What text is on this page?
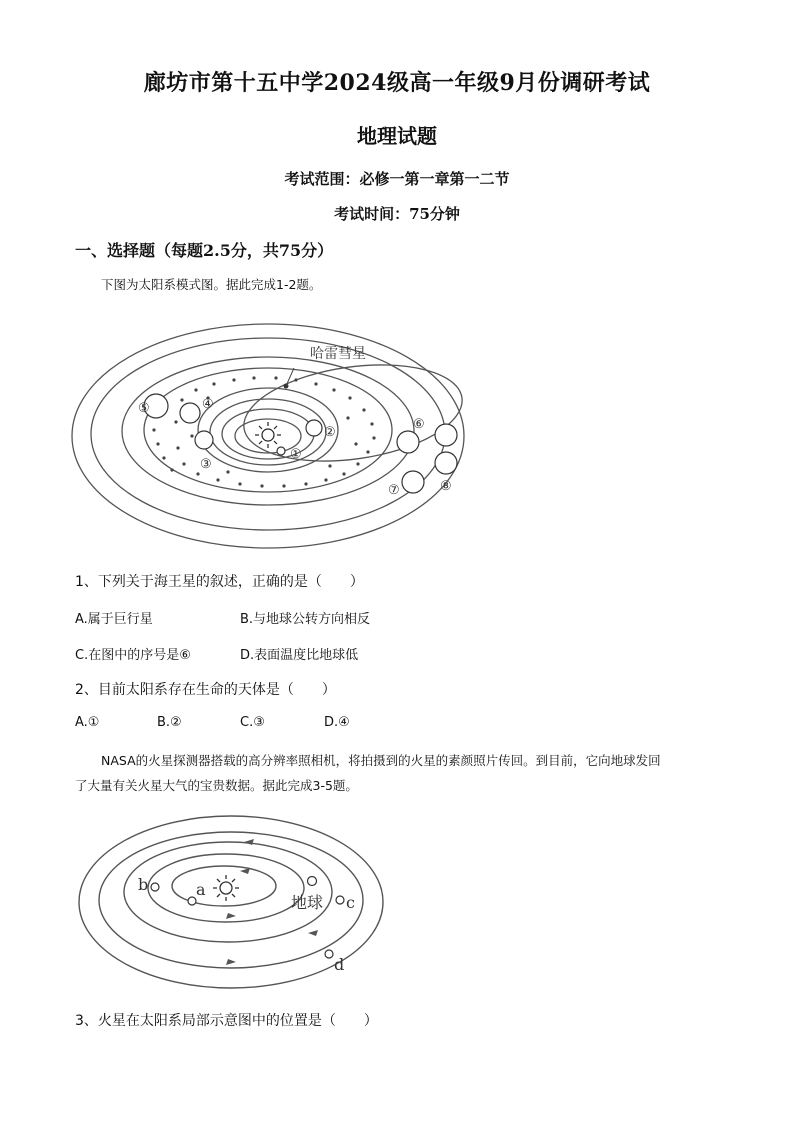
廊坊市第十五中学2024级高一年级9月份调研考试
地理试题
考试范围：必修一第一章第一二节
考试时间：75分钟
一、选择题（每题2.5分，共75分）
下图为太阳系模式图。据此完成1-2题。
哈雷彗星
①
②
③
④
⑤
⑥
⑦	⑧
1、下列关于海王星的叙述，正确的是（　　）
A.属于巨行星	B.与地球公转方向相反
C.在图中的序号是⑥	D.表面温度比地球低
2、目前太阳系存在生命的天体是（　　）
A.①	B.②	C.③	D.④
NASA的火星探测器搭载的高分辨率照相机，将拍摄到的火星的素颜照片传回。到目前，它向地球发回
了大量有关火星大气的宝贵数据。据此完成3-5题。
a
b
c
d
地球
3、火星在太阳系局部示意图中的位置是（　　）
